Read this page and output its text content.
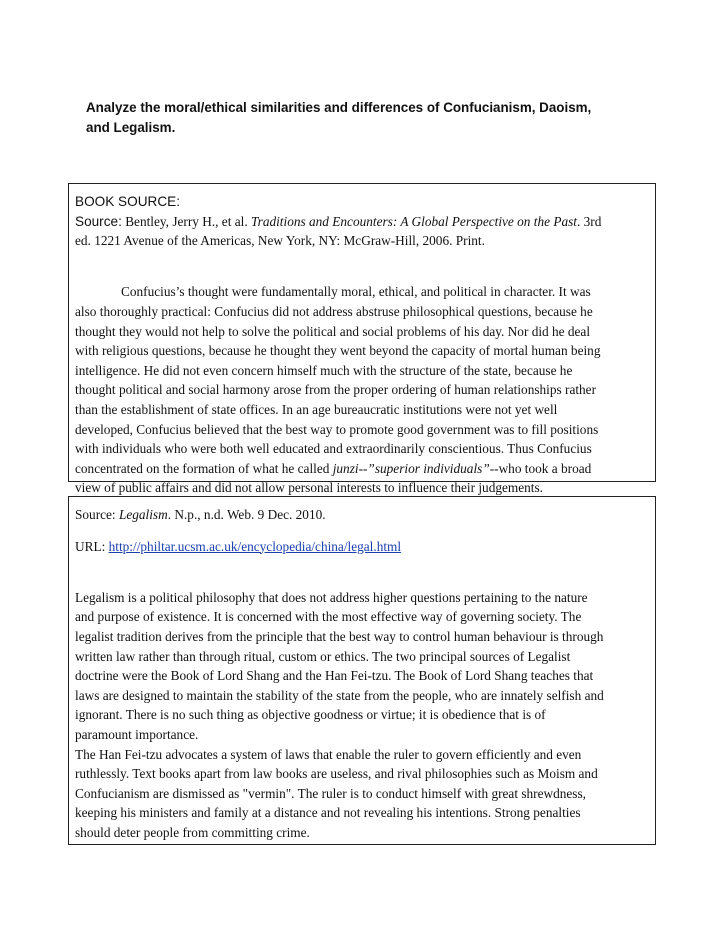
Analyze the moral/ethical similarities and differences of Confucianism, Daoism,

and Legalism.

BOOK SOURCE:

Source: Bentley, Jerry H., et al. Traditions and Encounters: A Global Perspective on the Past. 3rd

ed. 1221 Avenue of the Americas, New York, NY: McGraw-Hill, 2006. Print.

Confucius’s thought were fundamentally moral, ethical, and political in character. It was

also thoroughly practical: Confucius did not address abstruse philosophical questions, because he

thought they would not help to solve the political and social problems of his day. Nor did he deal

with religious questions, because he thought they went beyond the capacity of mortal human being

intelligence. He did not even concern himself much with the structure of the state, because he

thought political and social harmony arose from the proper ordering of human relationships rather

than the establishment of state offices. In an age bureaucratic institutions were not yet well

developed, Confucius believed that the best way to promote good government was to fill positions

with individuals who were both well educated and extraordinarily conscientious. Thus Confucius

concentrated on the formation of what he called junzi--”superior individuals”--who took a broad

view of public affairs and did not allow personal interests to influence their judgements.

Source: Legalism. N.p., n.d. Web. 9 Dec. 2010.

URL: http://philtar.ucsm.ac.uk/encyclopedia/china/legal.html

Legalism is a political philosophy that does not address higher questions pertaining to the nature

and purpose of existence. It is concerned with the most effective way of governing society. The

legalist tradition derives from the principle that the best way to control human behaviour is through

written law rather than through ritual, custom or ethics. The two principal sources of Legalist

doctrine were the Book of Lord Shang and the Han Fei-tzu. The Book of Lord Shang teaches that

laws are designed to maintain the stability of the state from the people, who are innately selfish and

ignorant. There is no such thing as objective goodness or virtue; it is obedience that is of

paramount importance.

The Han Fei-tzu advocates a system of laws that enable the ruler to govern efficiently and even

ruthlessly. Text books apart from law books are useless, and rival philosophies such as Moism and

Confucianism are dismissed as "vermin". The ruler is to conduct himself with great shrewdness,

keeping his ministers and family at a distance and not revealing his intentions. Strong penalties

should deter people from committing crime.
